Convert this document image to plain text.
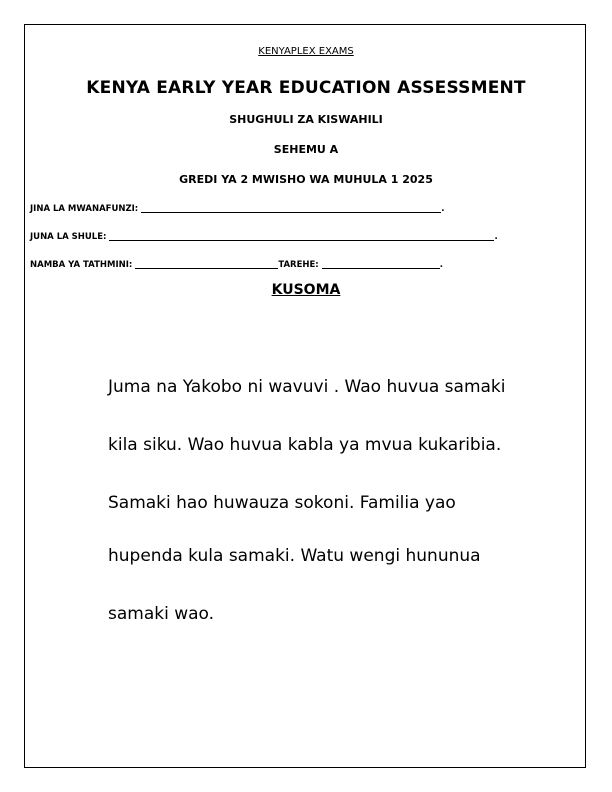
KENYAPLEX EXAMS
KENYA EARLY YEAR EDUCATION ASSESSMENT
SHUGHULI ZA KISWAHILI
SEHEMU A
GREDI YA 2 MWISHO WA MUHULA 1 2025
JINA LA MWANAFUNZI:	.
JUNA LA SHULE:	.
NAMBA YA TATHMINI:	TAREHE:	.
KUSOMA
Juma na Yakobo ni wavuvi . Wao huvua samaki
kila siku. Wao huvua kabla ya mvua kukaribia.
Samaki hao huwauza sokoni. Familia yao
hupenda kula samaki. Watu wengi hununua
samaki wao.
